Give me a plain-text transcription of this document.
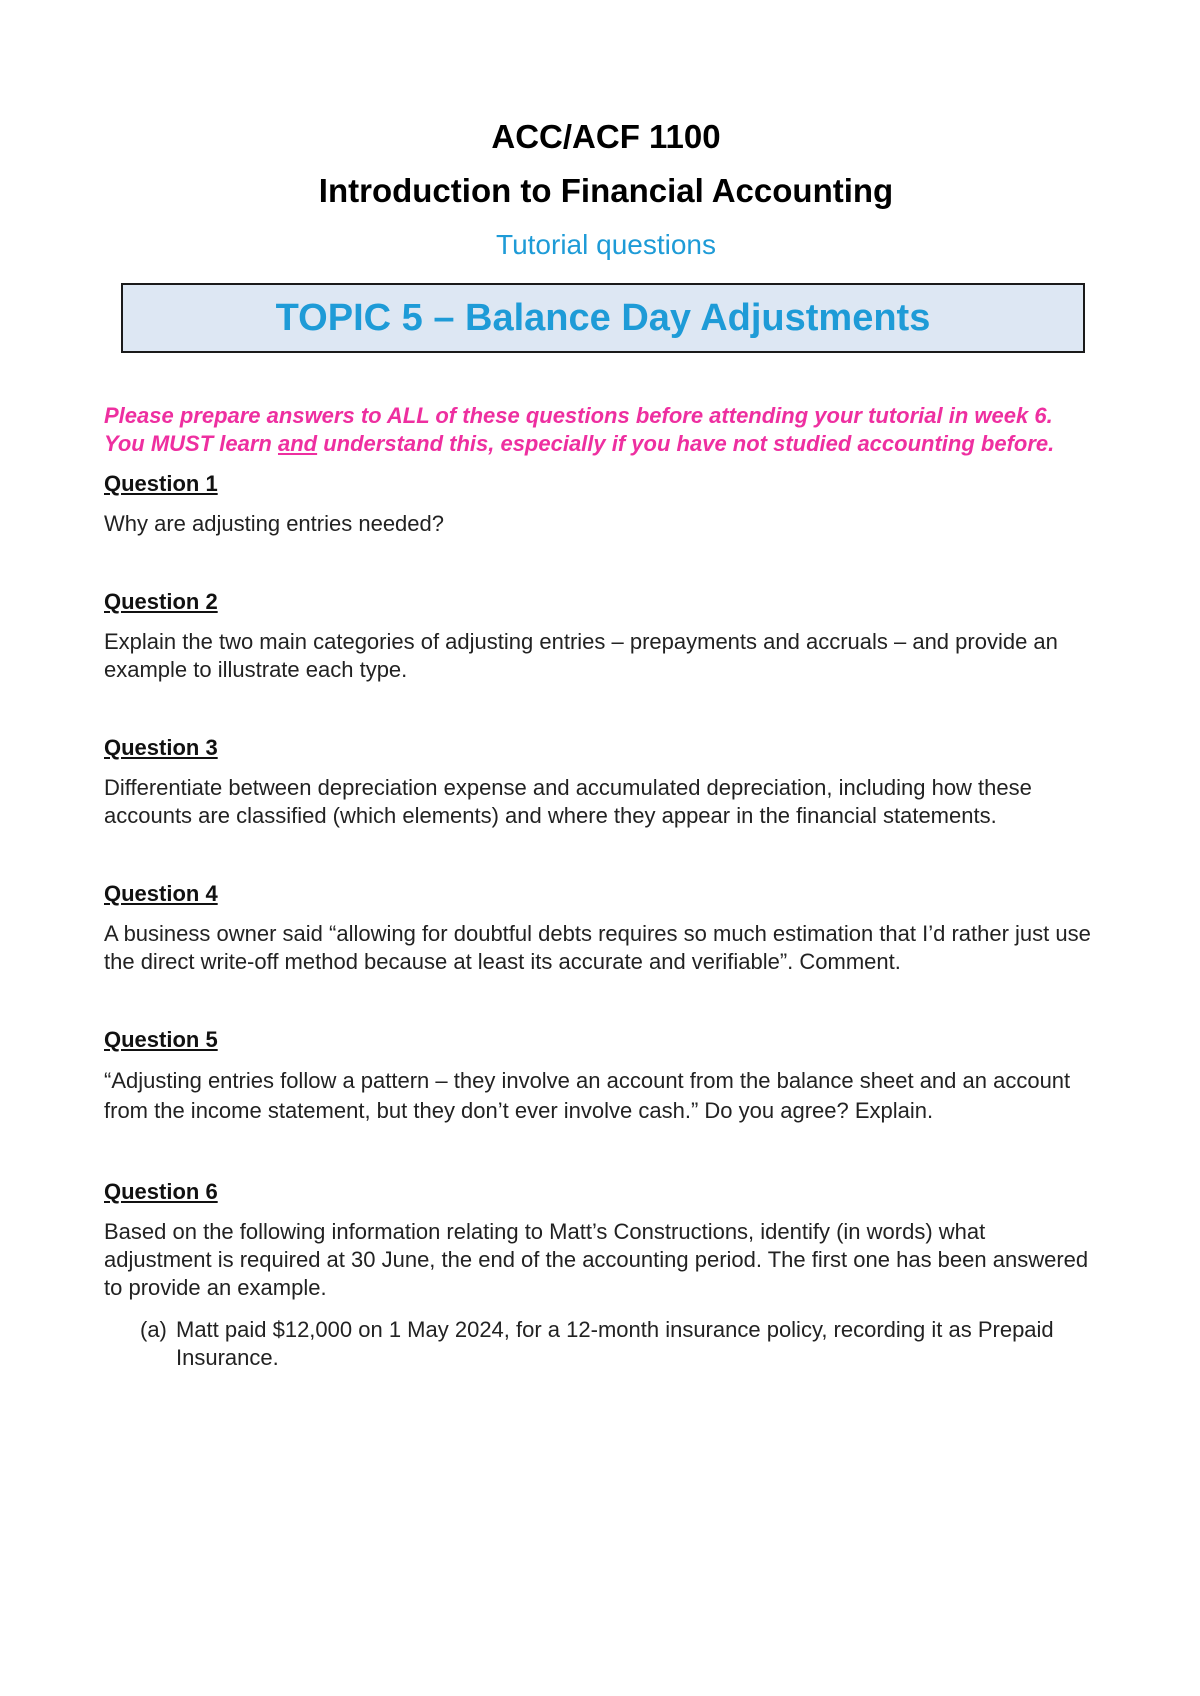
ACC/ACF 1100
Introduction to Financial Accounting
Tutorial questions
TOPIC 5 – Balance Day Adjustments

Please prepare answers to ALL of these questions before attending your tutorial in week 6. You MUST learn and understand this, especially if you have not studied accounting before.

Question 1

Why are adjusting entries needed?

Question 2

Explain the two main categories of adjusting entries – prepayments and accruals – and provide an example to illustrate each type.

Question 3

Differentiate between depreciation expense and accumulated depreciation, including how these accounts are classified (which elements) and where they appear in the financial statements.

Question 4

A business owner said “allowing for doubtful debts requires so much estimation that I’d rather just use the direct write-off method because at least its accurate and verifiable”. Comment.

Question 5

“Adjusting entries follow a pattern – they involve an account from the balance sheet and an account from the income statement, but they don’t ever involve cash.” Do you agree? Explain.

Question 6

Based on the following information relating to Matt’s Constructions, identify (in words) what adjustment is required at 30 June, the end of the accounting period. The first one has been answered to provide an example.

(a) Matt paid $12,000 on 1 May 2024, for a 12-month insurance policy, recording it as Prepaid Insurance.
